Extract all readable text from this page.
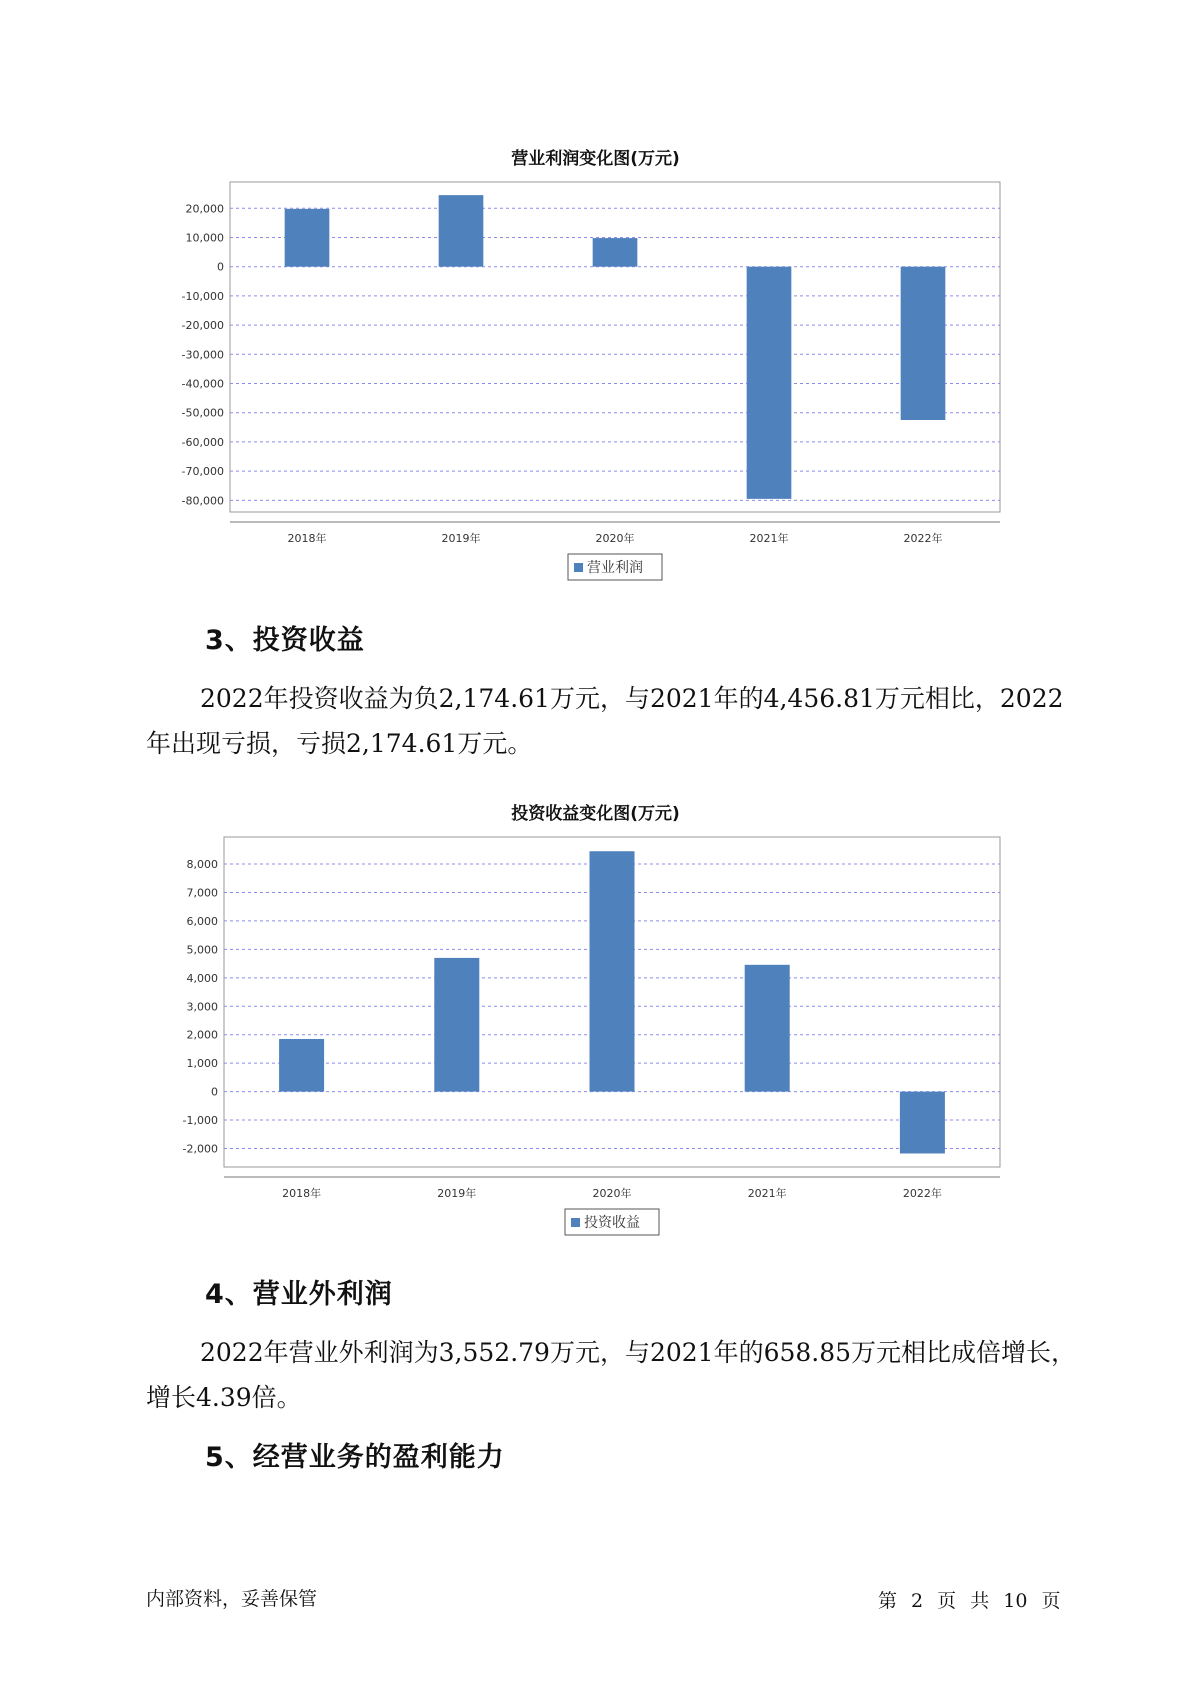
营业利润变化图(万元)
20,000
10,000
0
-10,000
-20,000
-30,000
-40,000
-50,000
-60,000
-70,000
-80,000
2018年	2019年	2020年	2021年	2022年
营业利润
3、投资收益
2022年投资收益为负2,174.61万元，与2021年的4,456.81万元相比，2022年出现亏损，亏损2,174.61万元。
投资收益变化图(万元)
8,000
7,000
6,000
5,000
4,000
3,000
2,000
1,000
0
-1,000
-2,000
2018年	2019年	2020年	2021年	2022年
投资收益
4、营业外利润
2022年营业外利润为3,552.79万元，与2021年的658.85万元相比成倍增长，增长4.39倍。
5、经营业务的盈利能力
内部资料，妥善保管	第 2 页 共 10 页
